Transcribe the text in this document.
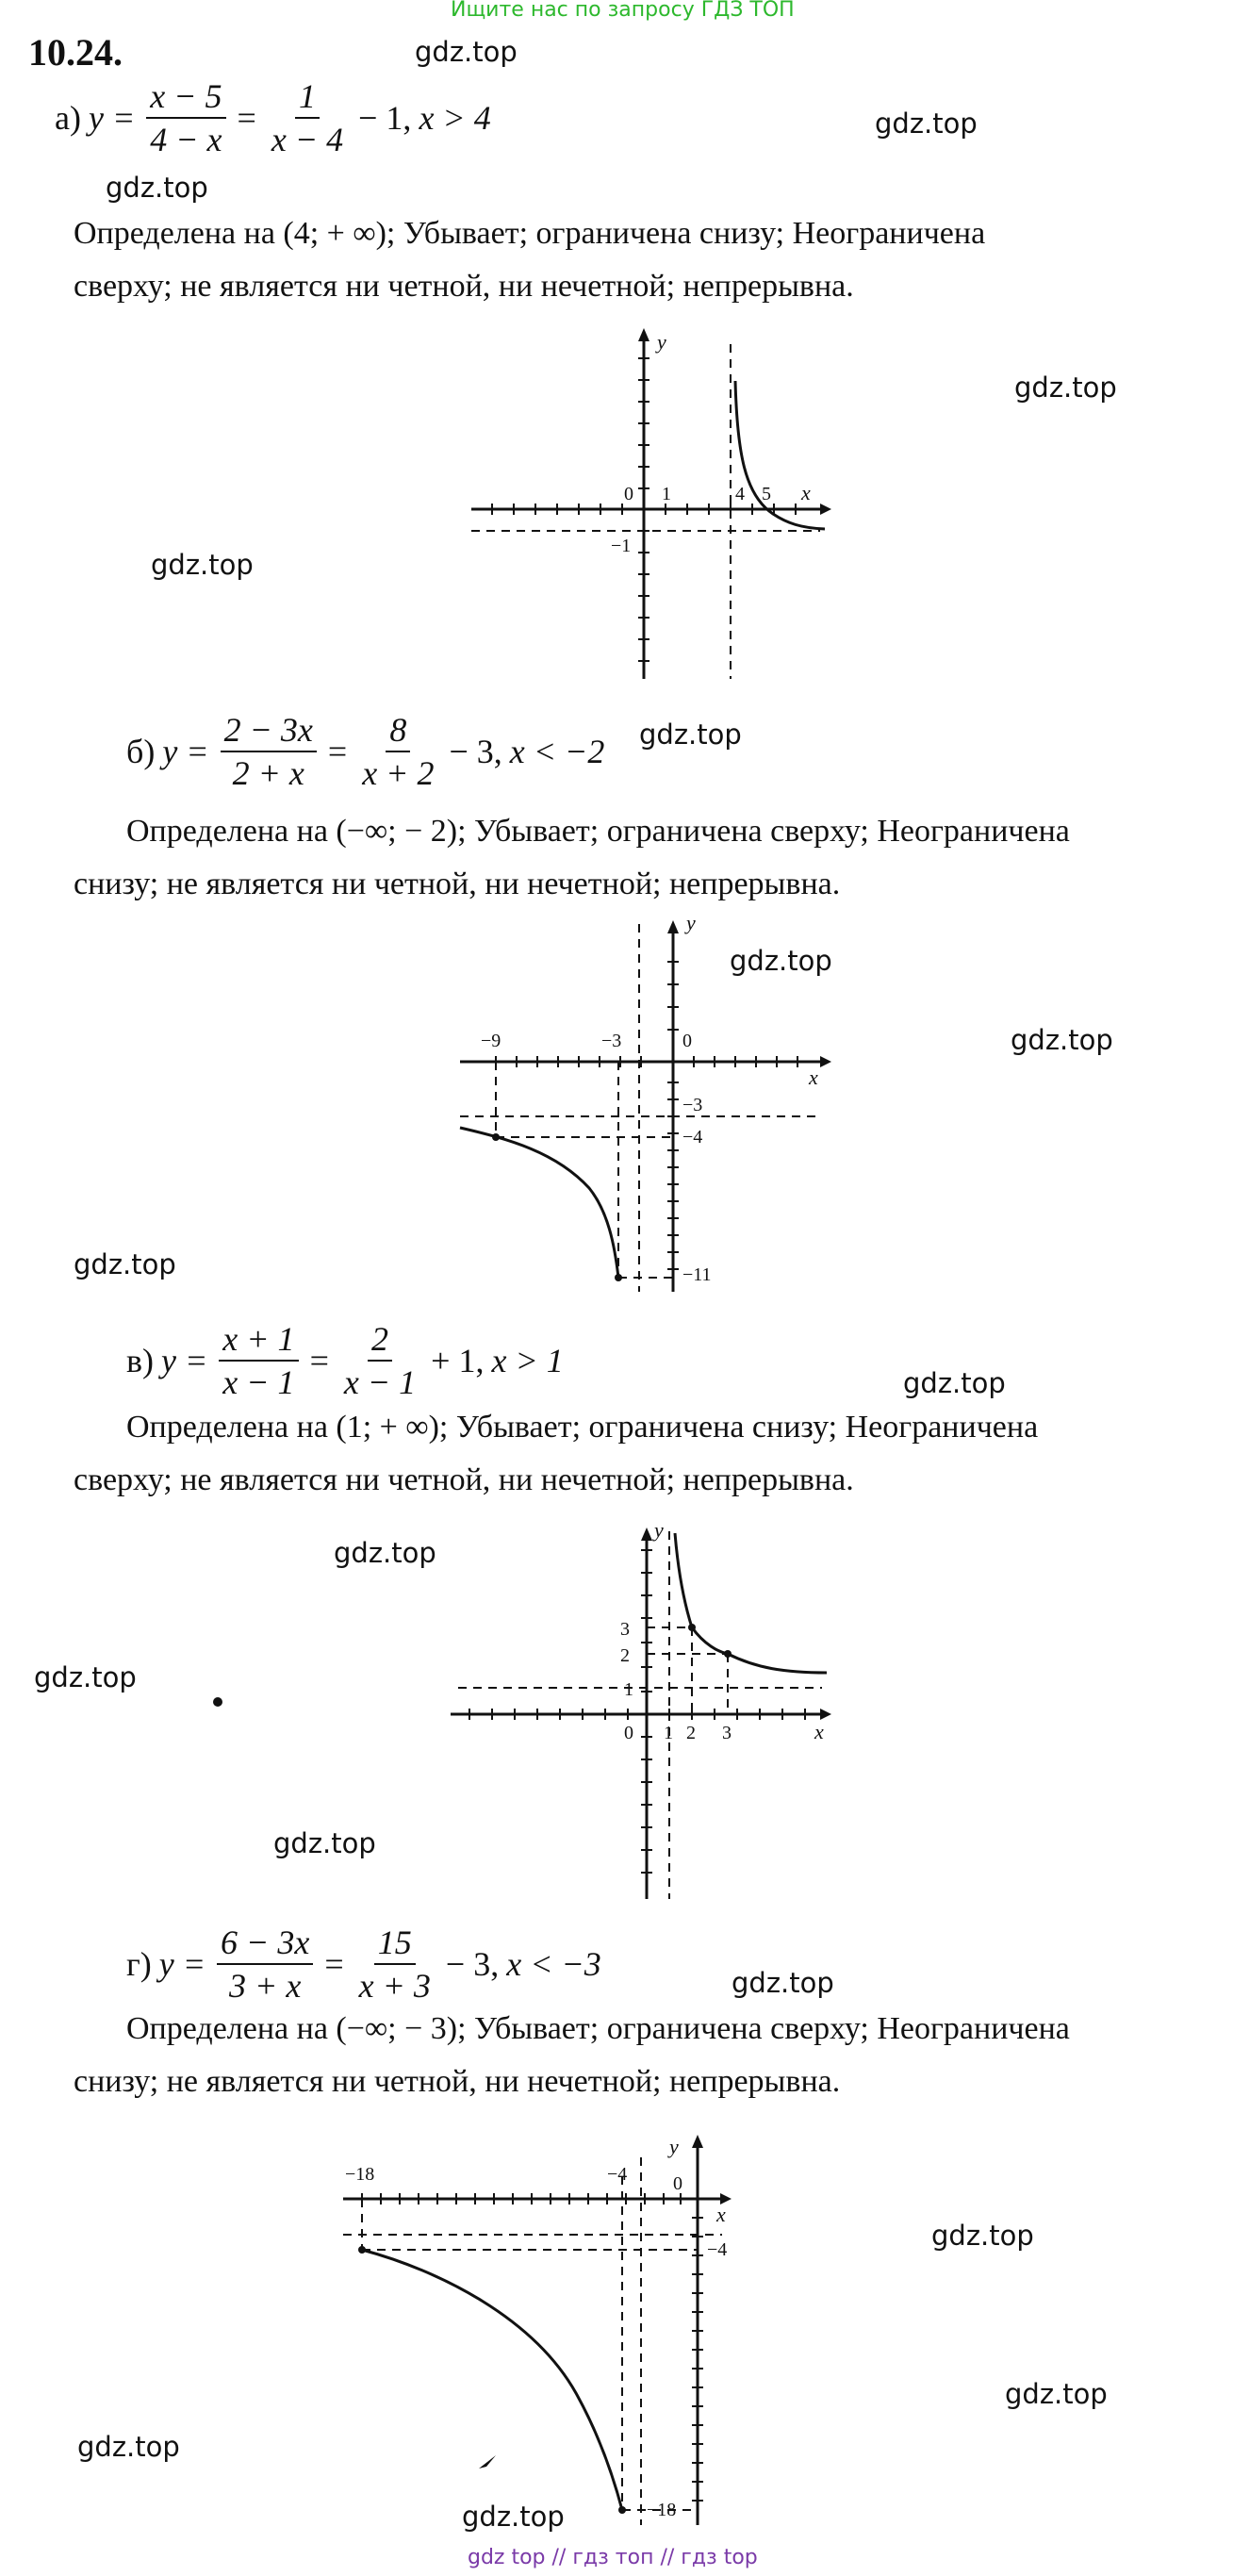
Ищите нас по запросу ГДЗ ТОП
10.24.	gdz.top
gdz.top
gdz.top
gdz.top
gdz.top
gdz.top
gdz.top
gdz.top
gdz.top
gdz.top
gdz.top
gdz.top
gdz.top
gdz.top
gdz.top
gdz.top
gdz.top
gdz.top
а) $y = \frac{x - 5}{4 - x} = \frac{1}{x - 4} - 1$, x > 4
Определена на (4; + ∞); Убывает; ограничена снизу; Неограничена
сверху; не является ни четной, ни нечетной; непрерывна.
y
x
0 1	4 5
−1
б) $y = \frac{2 - 3x}{2 + x} = \frac{8}{x + 2} - 3$, x < −2
Определена на (−∞; − 2); Убывает; ограничена сверху; Неограничена
снизу; не является ни четной, ни нечетной; непрерывна.
y
x
−9	−3	0
−3
−4
−11
в) $y = \frac{x + 1}{x - 1} = \frac{2}{x - 1} + 1$, x > 1
Определена на (1; + ∞); Убывает; ограничена снизу; Неограничена
сверху; не является ни четной, ни нечетной; непрерывна.
y
x
3
2
1
0 1 2 3
г) $y = \frac{6 - 3x}{3 + x} = \frac{15}{x + 3} - 3$, x < −3
Определена на (−∞; − 3); Убывает; ограничена сверху; Неограничена
снизу; не является ни четной, ни нечетной; непрерывна.
y
x
−18	−4 0
−4
−18
gdz top // гдз топ // гдз top
